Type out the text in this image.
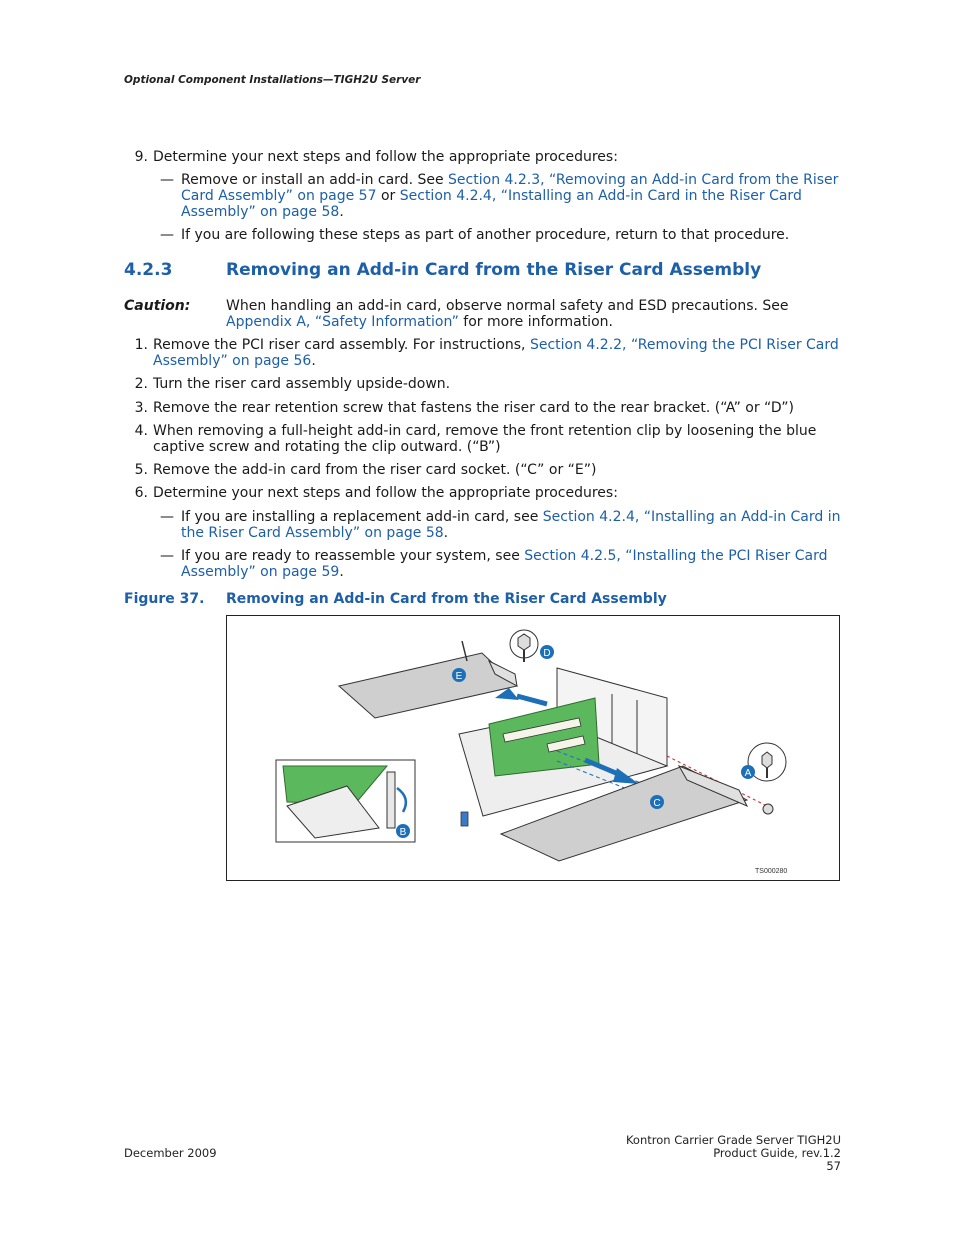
Optional Component Installations—TIGH2U Server
9. Determine your next steps and follow the appropriate procedures:
— Remove or install an add-in card. See Section 4.2.3, “Removing an Add-in Card from the Riser Card Assembly” on page 57 or Section 4.2.4, “Installing an Add-in Card in the Riser Card Assembly” on page 58.
— If you are following these steps as part of another procedure, return to that procedure.
4.2.3	Removing an Add-in Card from the Riser Card Assembly
Caution:	When handling an add-in card, observe normal safety and ESD precautions. See Appendix A, “Safety Information” for more information.
1. Remove the PCI riser card assembly. For instructions, Section 4.2.2, “Removing the PCI Riser Card Assembly” on page 56.
2. Turn the riser card assembly upside-down.
3. Remove the rear retention screw that fastens the riser card to the rear bracket. (“A” or “D”)
4. When removing a full-height add-in card, remove the front retention clip by loosening the blue captive screw and rotating the clip outward. (“B”)
5. Remove the add-in card from the riser card socket. (“C” or “E”)
6. Determine your next steps and follow the appropriate procedures:
— If you are installing a replacement add-in card, see Section 4.2.4, “Installing an Add-in Card in the Riser Card Assembly” on page 58.
— If you are ready to reassemble your system, see Section 4.2.5, “Installing the PCI Riser Card Assembly” on page 59.
Figure 37. Removing an Add-in Card from the Riser Card Assembly
E
D
A
C
B
TS000280
December 2009
Kontron Carrier Grade Server TIGH2U
Product Guide, rev.1.2
57
